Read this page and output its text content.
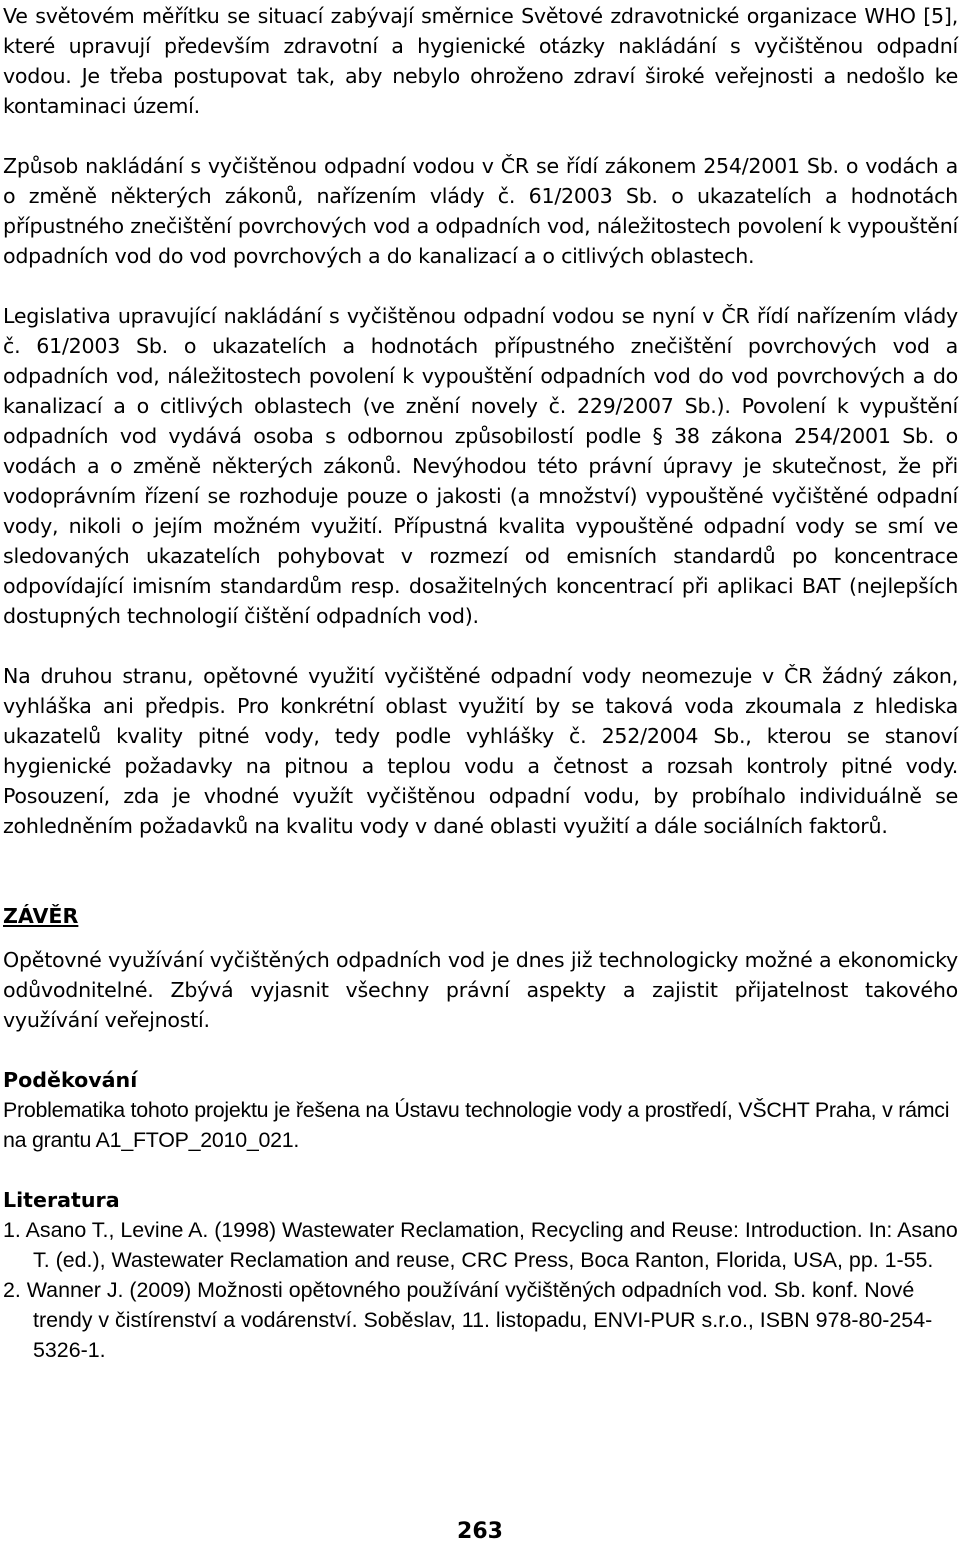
Ve světovém měřítku se situací zabývají směrnice Světové zdravotnické organizace WHO [5], které upravují především zdravotní a hygienické otázky nakládání s vyčištěnou odpadní vodou. Je třeba postupovat tak, aby nebylo ohroženo zdraví široké veřejnosti a nedošlo ke kontaminaci území.

Způsob nakládání s vyčištěnou odpadní vodou v ČR se řídí zákonem 254/2001 Sb. o vodách a o změně některých zákonů, nařízením vlády č. 61/2003 Sb. o ukazatelích a hodnotách přípustného znečištění povrchových vod a odpadních vod, náležitostech povolení k vypouštění odpadních vod do vod povrchových a do kanalizací a o citlivých oblastech.

Legislativa upravující nakládání s vyčištěnou odpadní vodou se nyní v ČR řídí nařízením vlády č. 61/2003 Sb. o ukazatelích a hodnotách přípustného znečištění povrchových vod a odpadních vod, náležitostech povolení k vypouštění odpadních vod do vod povrchových a do kanalizací a o citlivých oblastech (ve znění novely č. 229/2007 Sb.). Povolení k vypuštění odpadních vod vydává osoba s odbornou způsobilostí podle § 38 zákona 254/2001 Sb. o vodách a o změně některých zákonů. Nevýhodou této právní úpravy je skutečnost, že při vodoprávním řízení se rozhoduje pouze o jakosti (a množství) vypouštěné vyčištěné odpadní vody, nikoli o jejím možném využití. Přípustná kvalita vypouštěné odpadní vody se smí ve sledovaných ukazatelích pohybovat v rozmezí od emisních standardů po koncentrace odpovídající imisním standardům resp. dosažitelných koncentrací při aplikaci BAT (nejlepších dostupných technologií čištění odpadních vod).

Na druhou stranu, opětovné využití vyčištěné odpadní vody neomezuje v ČR žádný zákon, vyhláška ani předpis. Pro konkrétní oblast využití by se taková voda zkoumala z hlediska ukazatelů kvality pitné vody, tedy podle vyhlášky č. 252/2004 Sb., kterou se stanoví hygienické požadavky na pitnou a teplou vodu a četnost a rozsah kontroly pitné vody. Posouzení, zda je vhodné využít vyčištěnou odpadní vodu, by probíhalo individuálně se zohledněním požadavků na kvalitu vody v dané oblasti využití a dále sociálních faktorů.

ZÁVĚR

Opětovné využívání vyčištěných odpadních vod je dnes již technologicky možné a ekonomicky odůvodnitelné. Zbývá vyjasnit všechny právní aspekty a zajistit přijatelnost takového využívání veřejností.

Poděkování

Problematika tohoto projektu je řešena na Ústavu technologie vody a prostředí, VŠCHT Praha, v rámci na grantu A1_FTOP_2010_021.

Literatura
1. Asano T., Levine A. (1998) Wastewater Reclamation, Recycling and Reuse: Introduction. In: Asano T. (ed.), Wastewater Reclamation and reuse, CRC Press, Boca Ranton, Florida, USA, pp. 1-55.
2. Wanner J. (2009) Možnosti opětovného používání vyčištěných odpadních vod. Sb. konf. Nové trendy v čistírenství a vodárenství. Soběslav, 11. listopadu, ENVI-PUR s.r.o., ISBN 978-80-254-5326-1.
263
